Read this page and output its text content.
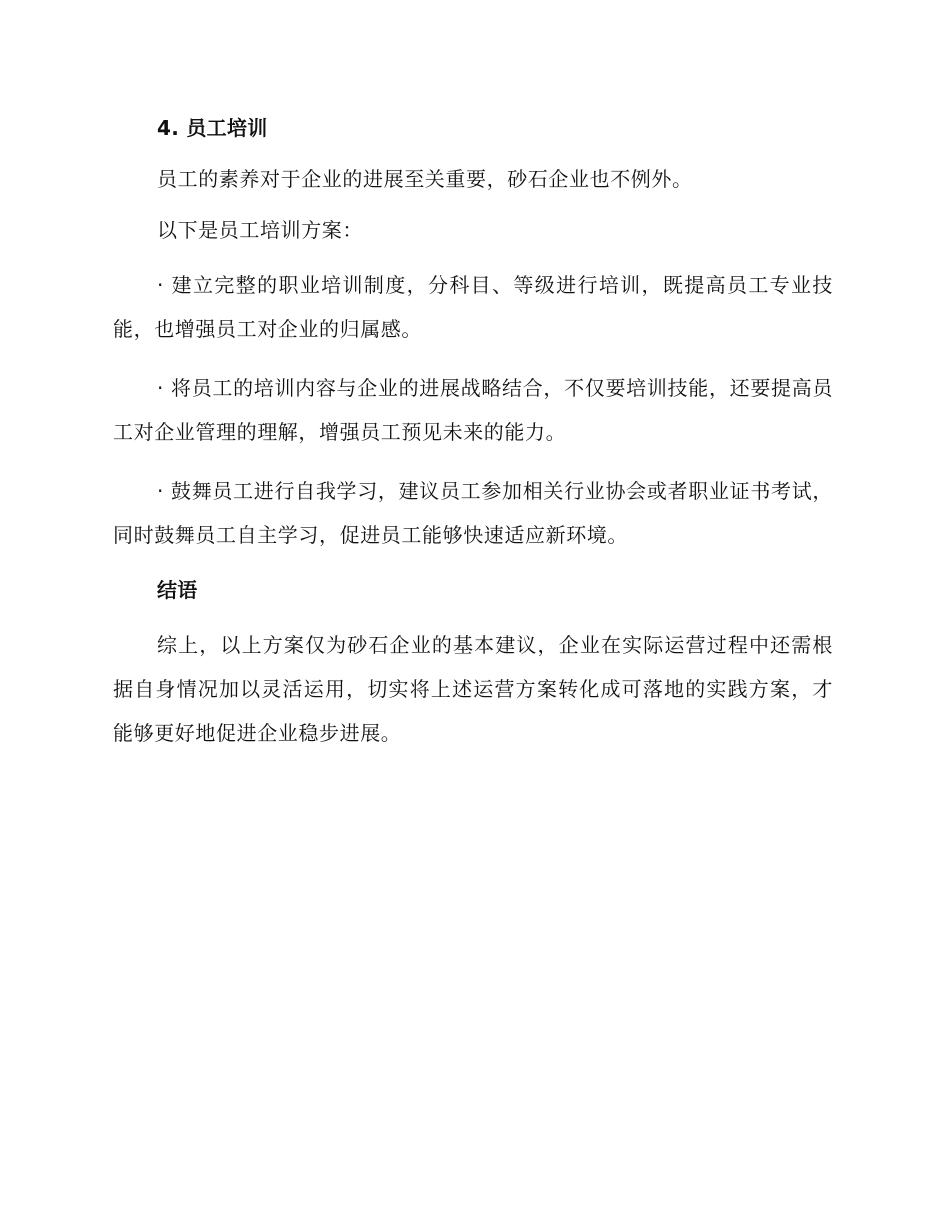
4. 员工培训

员工的素养对于企业的进展至关重要，砂石企业也不例外。

以下是员工培训方案：

· 建立完整的职业培训制度，分科目、等级进行培训，既提高员工专业技能，也增强员工对企业的归属感。

· 将员工的培训内容与企业的进展战略结合，不仅要培训技能，还要提高员工对企业管理的理解，增强员工预见未来的能力。

· 鼓舞员工进行自我学习，建议员工参加相关行业协会或者职业证书考试，同时鼓舞员工自主学习，促进员工能够快速适应新环境。

结语

综上，以上方案仅为砂石企业的基本建议，企业在实际运营过程中还需根据自身情况加以灵活运用，切实将上述运营方案转化成可落地的实践方案，才能够更好地促进企业稳步进展。
